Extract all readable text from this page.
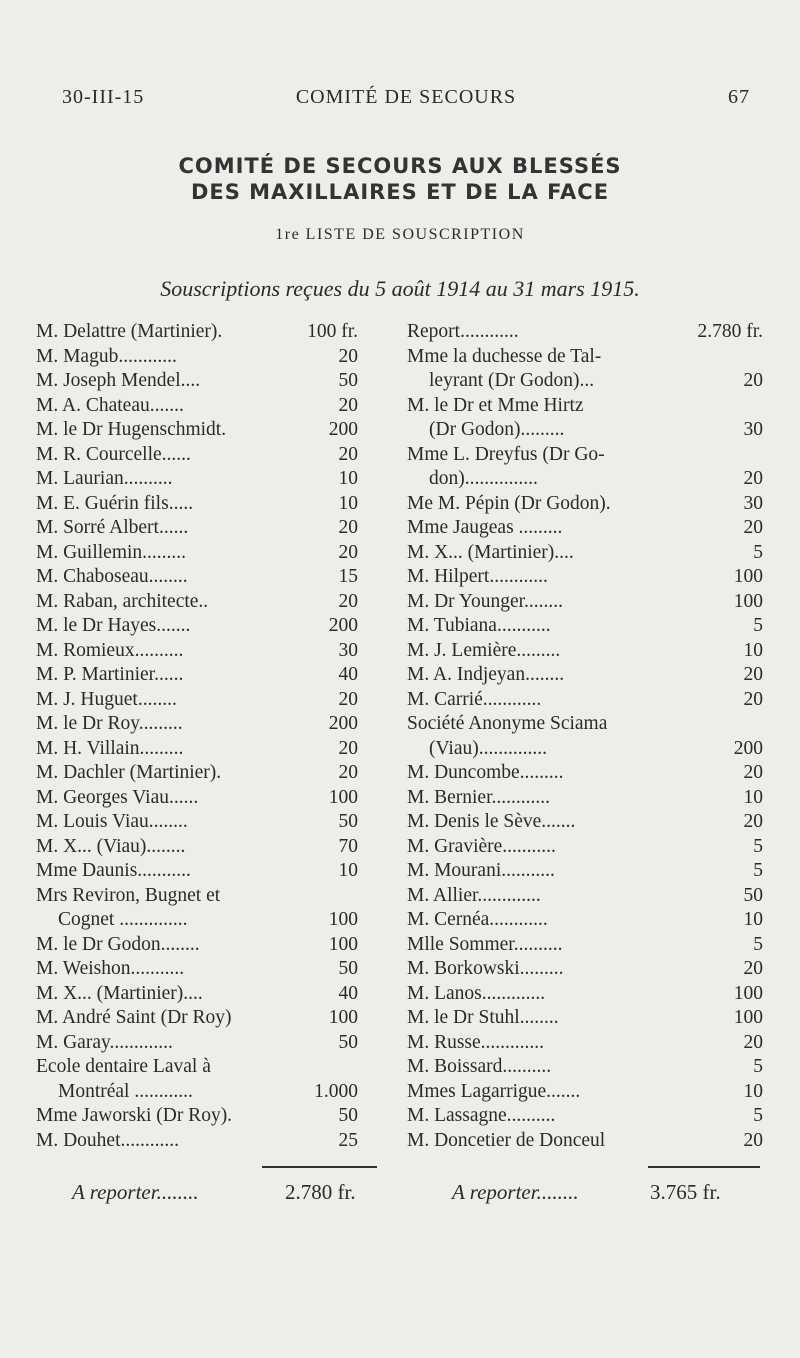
30-III-15	COMITÉ DE SECOURS	67
COMITÉ DE SECOURS AUX BLESSÉS
DES MAXILLAIRES ET DE LA FACE
1re LISTE DE SOUSCRIPTION
Souscriptions reçues du 5 août 1914 au 31 mars 1915.
M. Delattre (Martinier).	100 fr.
M. Magub............	20
M. Joseph Mendel....	50
M. A. Chateau.......	20
M. le Dr Hugenschmidt.	200
M. R. Courcelle......	20
M. Laurian..........	10
M. E. Guérin fils.....	10
M. Sorré Albert......	20
M. Guillemin.........	20
M. Chaboseau........	15
M. Raban, architecte..	20
M. le Dr Hayes.......	200
M. Romieux..........	30
M. P. Martinier......	40
M. J. Huguet........	20
M. le Dr Roy.........	200
M. H. Villain.........	20
M. Dachler (Martinier).	20
M. Georges Viau......	100
M. Louis Viau........	50
M. X... (Viau)........	70
Mme Daunis...........	10
Mrs Reviron, Bugnet et
Cognet ..............	100
M. le Dr Godon........	100
M. Weishon...........	50
M. X... (Martinier)....	40
M. André Saint (Dr Roy)	100
M. Garay.............	50
Ecole dentaire Laval à
Montréal ............	1.000
Mme Jaworski (Dr Roy).	50
M. Douhet............	25
Report............	2.780 fr.
Mme la duchesse de Tal-
leyrant (Dr Godon)...	20
M. le Dr et Mme Hirtz
(Dr Godon).........	30
Mme L. Dreyfus (Dr Go-
don)...............	20
Me M. Pépin (Dr Godon).	30
Mme Jaugeas .........	20
M. X... (Martinier)....	5
M. Hilpert............	100
M. Dr Younger........	100
M. Tubiana...........	5
M. J. Lemière.........	10
M. A. Indjeyan........	20
M. Carrié............	20
Société Anonyme Sciama
(Viau)..............	200
M. Duncombe.........	20
M. Bernier............	10
M. Denis le Sève.......	20
M. Gravière...........	5
M. Mourani...........	5
M. Allier.............	50
M. Cernéa............	10
Mlle Sommer..........	5
M. Borkowski.........	20
M. Lanos.............	100
M. le Dr Stuhl........	100
M. Russe.............	20
M. Boissard..........	5
Mmes Lagarrigue.......	10
M. Lassagne..........	5
M. Doncetier de Donceul	20
A reporter........	2.780 fr.	A reporter........	3.765 fr.
